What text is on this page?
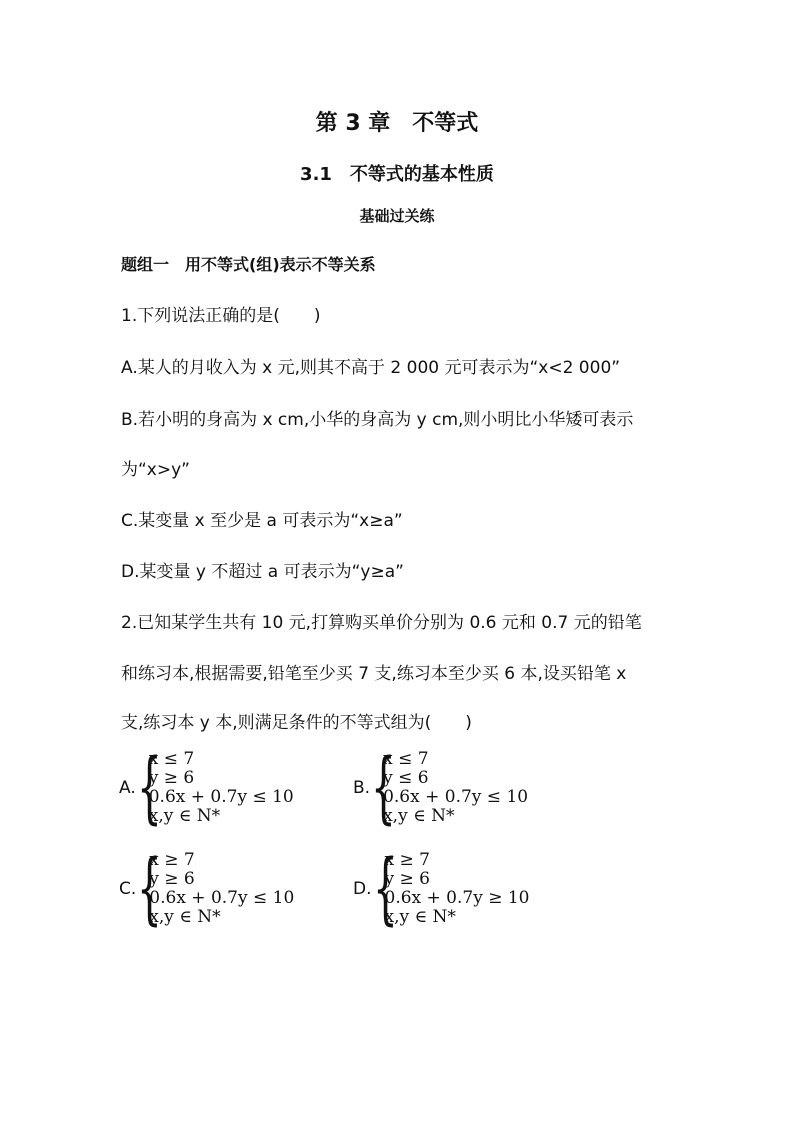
第 3 章　不等式
3.1　不等式的基本性质
基础过关练
题组一　用不等式(组)表示不等关系
1.下列说法正确的是(　　)
A.某人的月收入为 x 元,则其不高于 2 000 元可表示为“x<2 000”
B.若小明的身高为 x cm,小华的身高为 y cm,则小明比小华矮可表示
为“x>y”
C.某变量 x 至少是 a 可表示为“x≥a”
D.某变量 y 不超过 a 可表示为“y≥a”
2.已知某学生共有 10 元,打算购买单价分别为 0.6 元和 0.7 元的铅笔
和练习本,根据需要,铅笔至少买 7 支,练习本至少买 6 本,设买铅笔 x
支,练习本 y 本,则满足条件的不等式组为(　　)
A. {
x ≤ 7
y ≥ 6
0.6x + 0.7y ≤ 10
x,y ∈ N*
B. {
x ≤ 7
y ≤ 6
0.6x + 0.7y ≤ 10
x,y ∈ N*
C. {
x ≥ 7
y ≥ 6
0.6x + 0.7y ≤ 10
x,y ∈ N*
D. {
x ≥ 7
y ≥ 6
0.6x + 0.7y ≥ 10
x,y ∈ N*
